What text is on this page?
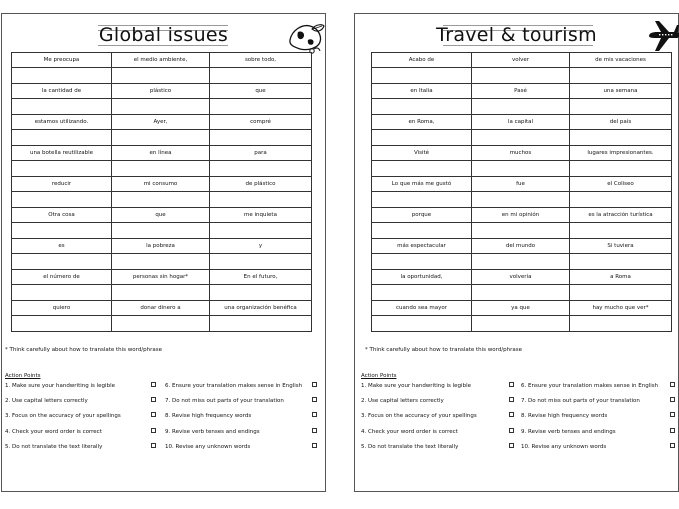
Global issues
Me preocupa	el medio ambiente,	sobre todo,

la cantidad de	plástico	que

estamos utilizando.	Ayer,	compré

una botella reutilizable	en línea	para

reducir	mi consumo	de plástico

Otra cosa	que	me inquieta

es	la pobreza	y

el número de	personas sin hogar*	En el futuro,

quiero	donar dinero a	una organización benéfica

* Think carefully about how to translate this word/phrase
Action Points
1. Make sure your handwriting is legible	6. Ensure your translation makes sense in English
2. Use capital letters correctly	7. Do not miss out parts of your translation
3. Focus on the accuracy of your spellings	8. Revise high frequency words
4. Check your word order is correct	9. Revise verb tenses and endings
5. Do not translate the text literally	10. Revise any unknown words
Travel & tourism
Acabo de	volver	de mis vacaciones

en Italia	Pasé	una semana

en Roma,	la capital	del país

Visité	muchos	lugares impresionantes.

Lo que más me gustó	fue	el Coliseo

porque	en mi opinión	es la atracción turística

más espectacular	del mundo	Si tuviera

la oportunidad,	volvería	a Roma

cuando sea mayor	ya que	hay mucho que ver*

* Think carefully about how to translate this word/phrase
Action Points
1. Make sure your handwriting is legible	6. Ensure your translation makes sense in English
2. Use capital letters correctly	7. Do not miss out parts of your translation
3. Focus on the accuracy of your spellings	8. Revise high frequency words
4. Check your word order is correct	9. Revise verb tenses and endings
5. Do not translate the text literally	10. Revise any unknown words
